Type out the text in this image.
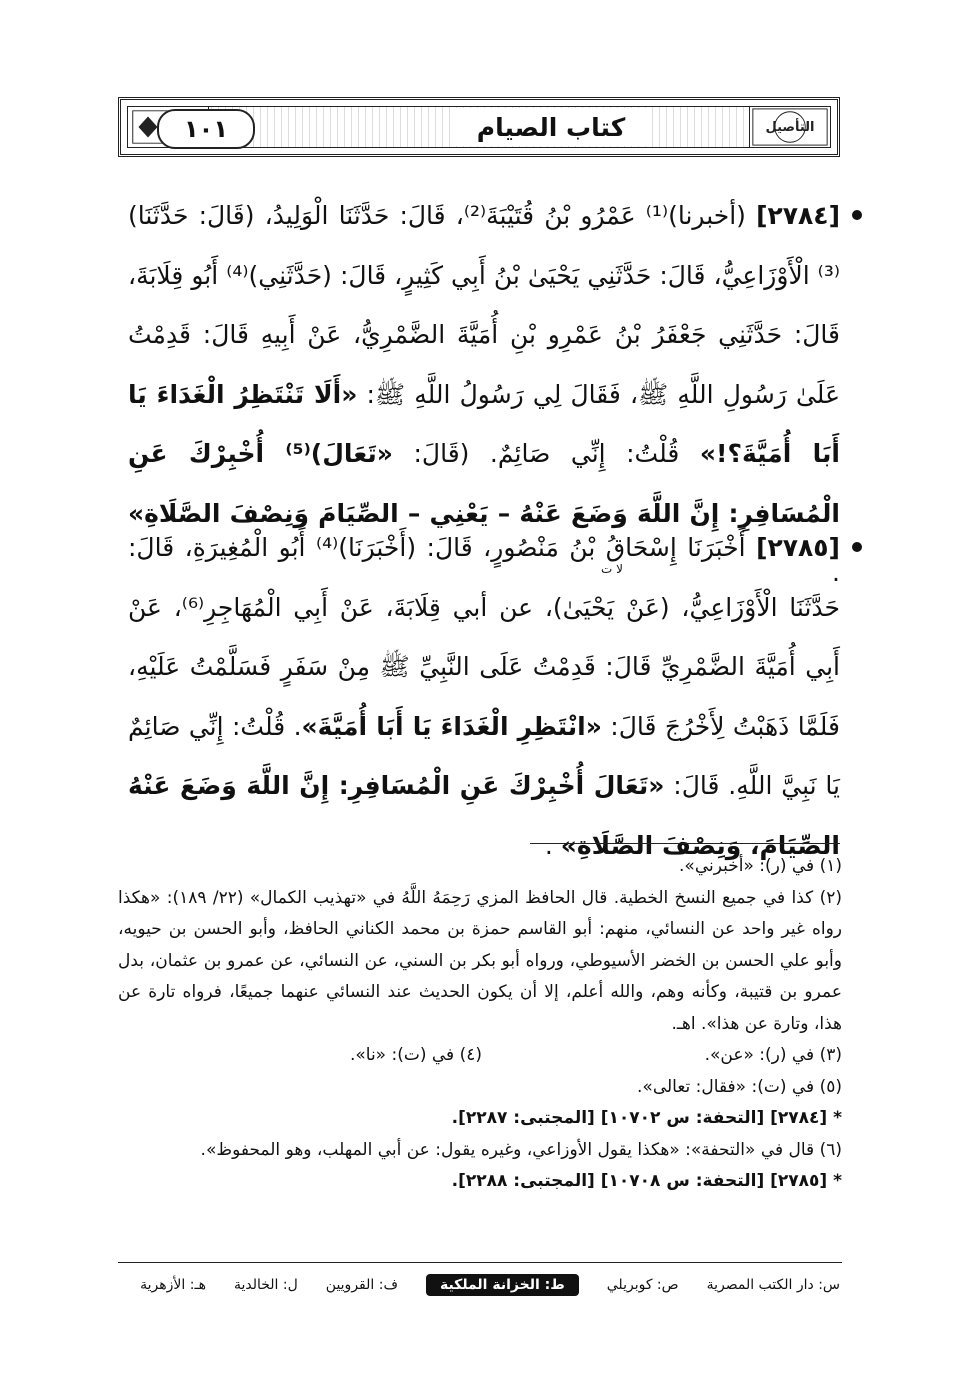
التأصيل
١٠١	كتاب الصيام
[٢٧٨٤] (أخبرنا)⁽¹⁾ عَمْرُو بْنُ قُتَيْبَةَ⁽²⁾، قَالَ: حَدَّثَنَا الْوَلِيدُ، (قَالَ: حَدَّثَنَا)⁽³⁾ الْأَوْزَاعِيُّ، قَالَ: حَدَّثَنِي يَحْيَىٰ بْنُ أَبِي كَثِيرٍ، قَالَ: (حَدَّثَنِي)⁽⁴⁾ أَبُو قِلَابَةَ، قَالَ: حَدَّثَنِي جَعْفَرُ بْنُ عَمْرِو بْنِ أُمَيَّةَ الضَّمْرِيُّ، عَنْ أَبِيهِ قَالَ: قَدِمْتُ عَلَىٰ رَسُولِ اللَّهِ ﷺ، فَقَالَ لِي رَسُولُ اللَّهِ ﷺ: «أَلَا تَنْتَظِرُ الْغَدَاءَ يَا أَبَا أُمَيَّةَ؟!» قُلْتُ: إِنِّي صَائِمٌ. (قَالَ: «تَعَالَ)⁽⁵⁾ أُخْبِرْكَ عَنِ الْمُسَافِرِ: إِنَّ اللَّهَ وَضَعَ عَنْهُ – يَعْنِي – الصِّيَامَ وَنِصْفَ الصَّلَاةِ» .
[٢٧٨٥] أَخْبَرَنَا إِسْحَاقُ بْنُ مَنْصُورٍ، قَالَ: (أَخْبَرَنَا)⁽⁴⁾ أَبُو الْمُغِيرَةِ، قَالَ: حَدَّثَنَا الْأَوْزَاعِيُّ،
لا ت
(عَنْ يَحْيَىٰ)، عن أبي قِلَابَةَ، عَنْ أَبِي الْمُهَاجِرِ⁽⁶⁾، عَنْ أَبِي أُمَيَّةَ الضَّمْرِيِّ قَالَ: قَدِمْتُ عَلَى النَّبِيِّ ﷺ مِنْ سَفَرٍ فَسَلَّمْتُ عَلَيْهِ، فَلَمَّا ذَهَبْتُ لِأَخْرُجَ قَالَ: «انْتَظِرِ الْغَدَاءَ يَا أَبَا أُمَيَّةَ». قُلْتُ: إِنِّي صَائِمٌ يَا نَبِيَّ اللَّهِ. قَالَ: «تَعَالَ أُخْبِرْكَ عَنِ الْمُسَافِرِ: إِنَّ اللَّهَ وَضَعَ عَنْهُ الصِّيَامَ، وَنِصْفَ الصَّلَاةِ» .

(١) في (ر): «أخبرني».

(٢) كذا في جميع النسخ الخطية. قال الحافظ المزي رَحِمَهُ اللَّهُ في «تهذيب الكمال» (٢٢/ ١٨٩): «هكذا رواه غير واحد عن النسائي، منهم: أبو القاسم حمزة بن محمد الكناني الحافظ، وأبو الحسن بن حيويه، وأبو علي الحسن بن الخضر الأسيوطي، ورواه أبو بكر بن السني، عن النسائي، عن عمرو بن عثمان، بدل عمرو بن قتيبة، وكأنه وهم، والله أعلم، إلا أن يكون الحديث عند النسائي عنهما جميعًا، فرواه تارة عن هذا، وتارة عن هذا». اهـ.

(٣) في (ر): «عن».
(٤) في (ت): «نا».

(٥) في (ت): «فقال: تعالى».

* [٢٧٨٤] [التحفة: س ١٠٧٠٢] [المجتبى: ٢٢٨٧].

(٦) قال في «التحفة»: «هكذا يقول الأوزاعي، وغيره يقول: عن أبي المهلب، وهو المحفوظ».

* [٢٧٨٥] [التحفة: س ١٠٧٠٨] [المجتبى: ٢٢٨٨].

س: دار الكتب المصرية
ص: كوبريلي
ط: الخزانة الملكية
ف: القرويين
ل: الخالدية
هـ: الأزهرية
